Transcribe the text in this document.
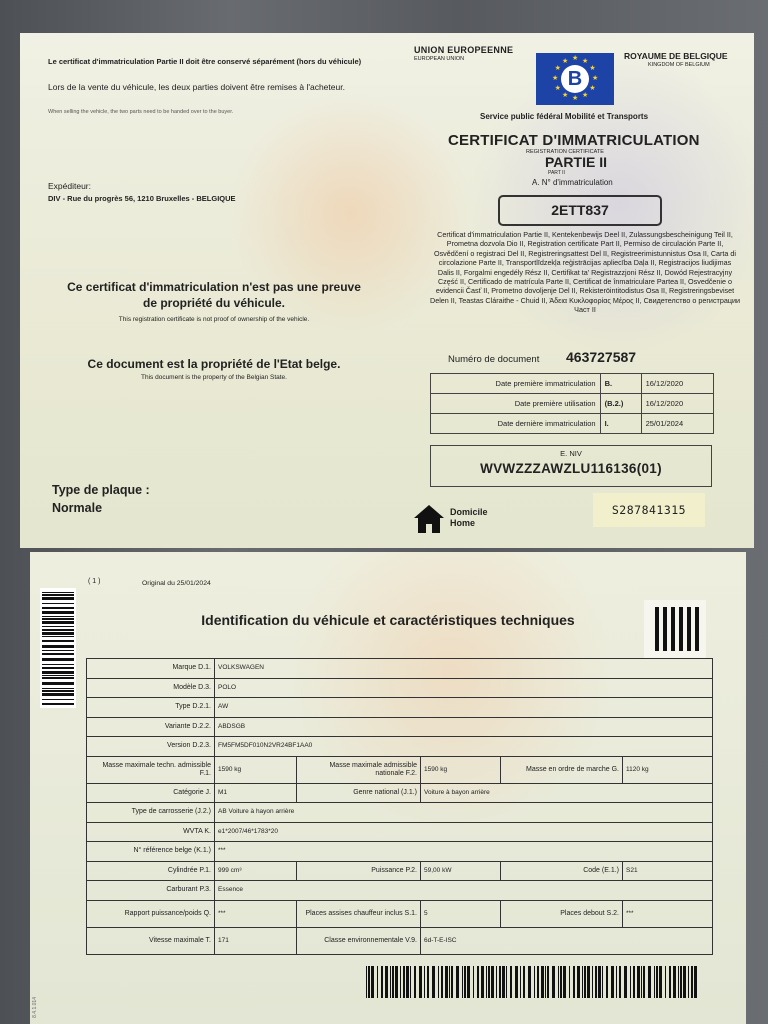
Le certificat d'immatriculation Partie II doit être conservé séparément (hors du véhicule)

Lors de la vente du véhicule, les deux parties doivent être remises à l'acheteur.

When selling the vehicle, the two parts need to be handed over to the buyer.

UNION EUROPEENNE

EUROPEAN UNION

★
★
★
★
★
★
★
★
★ ★ ★
★
B

ROYAUME DE BELGIQUE

KINGDOM OF BELGIUM

Service public fédéral Mobilité et Transports

CERTIFICAT D'IMMATRICULATION

REGISTRATION CERTIFICATE

PARTIE II

PART II

A. N° d'immatriculation

2ETT837

Certificat d'immatriculation Partie II, Kentekenbewijs Deel II, Zulassungsbescheinigung Teil II, Prometna dozvola Dio II, Registration certificate Part II, Permiso de circulación Parte II, Osvědčení o registraci Del II, Registreringsattest Del II, Registreerimistunnistus Osa II, Carta di circolazione Parte II, Transportlīdzekļa reģistrācijas apliecība Daļa II, Registracijos liudijimas Dalis II, Forgalmi engedély Rész II, Certifikat ta' Registrazzjoni Rész II, Dowód Rejestracyjny Część II, Certificado de matrícula Parte II, Certificat de înmatriculare Partea II, Osvedčenie o evidencii Časť II, Prometno dovoljenje Del II, Rekisteröintitodistus Osa II, Registreringsbeviset Delen II, Teastas Cláraithe - Chuid II, Άδεια Κυκλοφορίας Μέρος ΙΙ, Свидетелство о регистрации Част II

Expéditeur:

DIV - Rue du progrès 56, 1210 Bruxelles - BELGIQUE

Ce certificat d'immatriculation n'est pas une preuve de propriété du véhicule.

This registration certificate is not proof of ownership of the vehicle.

Ce document est la propriété de l'Etat belge.

This document is the property of the Belgian State.

Numéro de document 463727587

Date première immatriculation	B.	16/12/2020
Date première utilisation	(B.2.)	16/12/2020
Date dernière immatriculation	I.	25/01/2024

E. NIV

WVWZZZAWZLU116136(01)

Type de plaque :
Normale	Domicile
Home
S287841315

( 1 )	Original du 25/01/2024

Identification du véhicule et caractéristiques techniques

Marque D.1.	VOLKSWAGEN				
Modèle D.3.	POLO				
Type D.2.1.	AW				
Variante D.2.2.	ABDSGB				
Version D.2.3.	FM5FM5DF010N2VR24BF1AA0				
Masse maximale techn. admissible F.1.	1590 kg	Masse maximale admissible nationale F.2.	1590 kg	Masse en ordre de marche G.	1120 kg
Catégorie J.	M1	Genre national (J.1.)	Voiture à bayon arrière		
Type de carrosserie (J.2.)	AB Voiture à hayon arrière				
WVTA K.	e1*2007/46*1783*20				
N° référence belge (K.1.)	***				
Cylindrée P.1.	999 cm³	Puissance P.2.	59,00 kW	Code (E.1.)	S21
Carburant P.3.	Essence				
Rapport puissance/poids Q.	***	Places assises chauffeur inclus S.1.	5	Places debout S.2.	***
Vitesse maximale T.	171	Classe environnementale V.9.	6d-T-E-ISC		

8.4.1.014
